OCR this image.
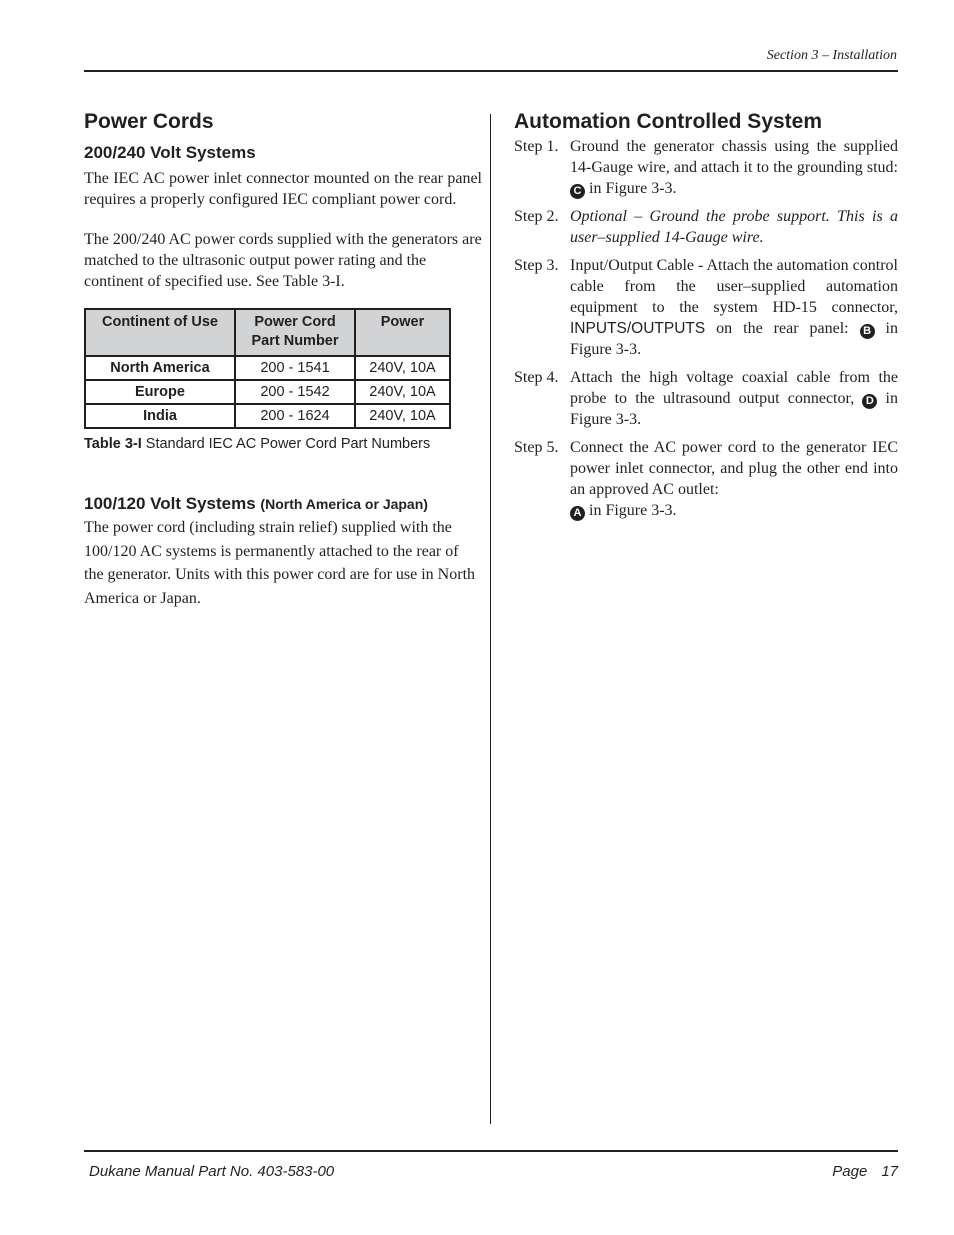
Section 3 – Installation
Power Cords
200/240 Volt Systems

The IEC AC power inlet connector mounted on the rear panel requires a properly configured IEC compliant power cord.

The 200/240 AC power cords supplied with the generators are matched to the ultrasonic output power rating and the continent of specified use. See Table 3-I.

Continent of Use	Power Cord Part Number	Power
North America	200 - 1541	240V, 10A
Europe	200 - 1542	240V, 10A
India	200 - 1624	240V, 10A
Table 3-I Standard IEC AC Power Cord Part Numbers
100/120 Volt Systems (North America or Japan)

The power cord (including strain relief) supplied with the 100/120 AC systems is permanently attached to the rear of the generator. Units with this power cord are for use in North America or Japan.

Automation Controlled System
Step 1. Ground the generator chassis using the supplied 14-Gauge wire, and attach it to the grounding stud:C in Figure 3-3.
Step 2. Optional – Ground the probe support. This is a user–supplied 14-Gauge wire.
Step 3. Input/Output Cable - Attach the automation control cable from the user–supplied automation equipment to the system HD-15 connector, INPUTS/OUTPUTS on the rear panel: B in Figure 3-3.
Step 4. Attach the high voltage coaxial cable from the probe to the ultrasound output connector, D in Figure 3-3.
Step 5. Connect the AC power cord to the generator IEC power inlet connector, and plug the other end into an approved AC outlet:
A in Figure 3-3.
Dukane Manual Part No. 403-583-00	Page 17
